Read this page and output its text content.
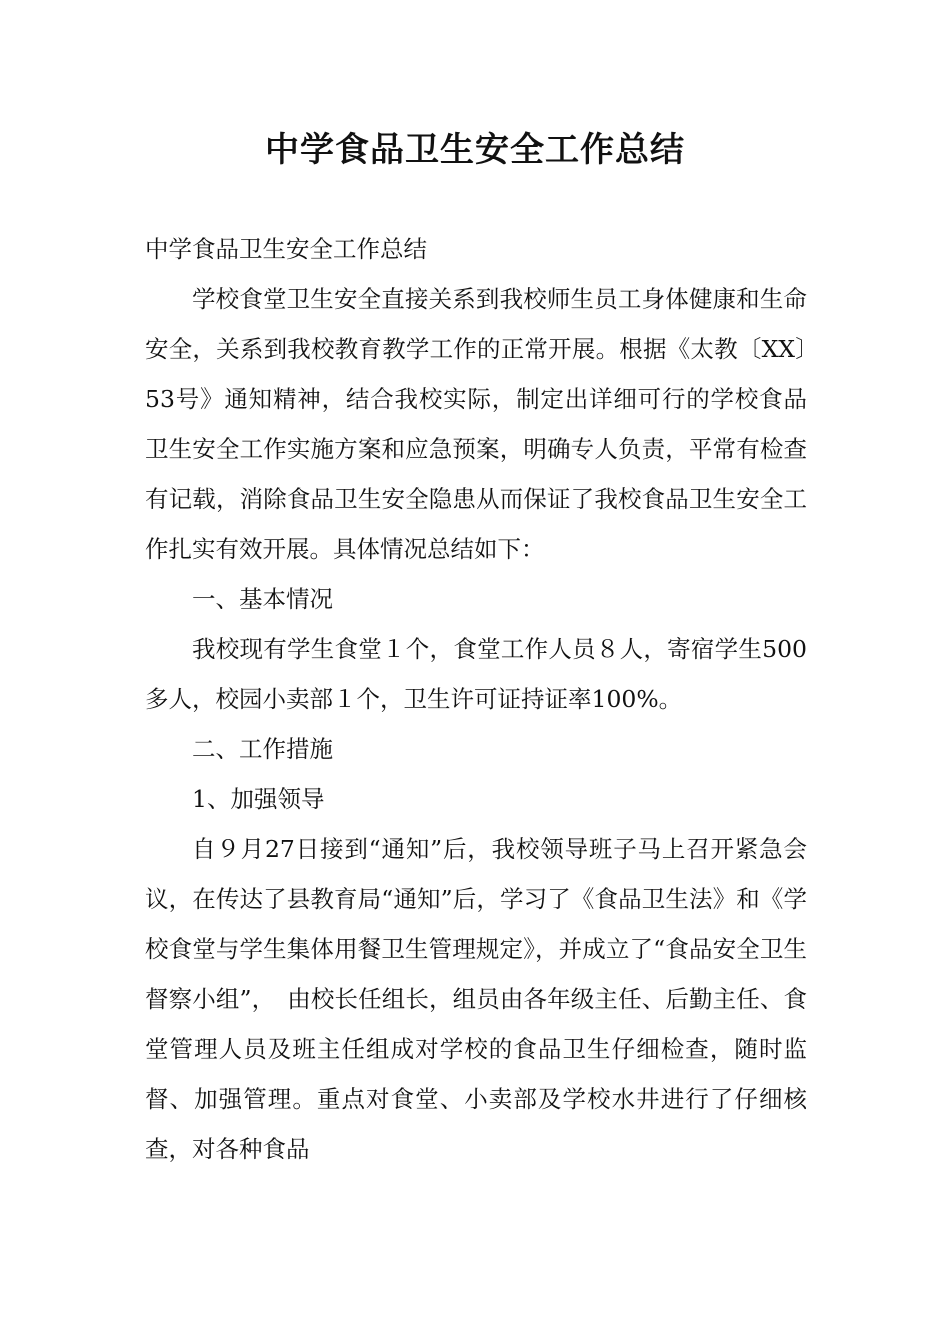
中学食品卫生安全工作总结

中学食品卫生安全工作总结

学校食堂卫生安全直接关系到我校师生员工身体健康和生命安全，关系到我校教育教学工作的正常开展。根据《太教〔XX〕53号》通知精神，结合我校实际，制定出详细可行的学校食品卫生安全工作实施方案和应急预案，明确专人负责，平常有检查有记载，消除食品卫生安全隐患从而保证了我校食品卫生安全工作扎实有效开展。具体情况总结如下：

一、基本情况

我校现有学生食堂１个，食堂工作人员８人，寄宿学生500多人，校园小卖部１个，卫生许可证持证率100%。

二、工作措施

1、加强领导

自９月27日接到“通知”后，我校领导班子马上召开紧急会议，在传达了县教育局“通知”后，学习了《食品卫生法》和《学校食堂与学生集体用餐卫生管理规定》，并成立了“食品安全卫生督察小组”，　由校长任组长，组员由各年级主任、后勤主任、食堂管理人员及班主任组成对学校的食品卫生仔细检查，随时监督、加强管理。重点对食堂、小卖部及学校水井进行了仔细核查，对各种食品
